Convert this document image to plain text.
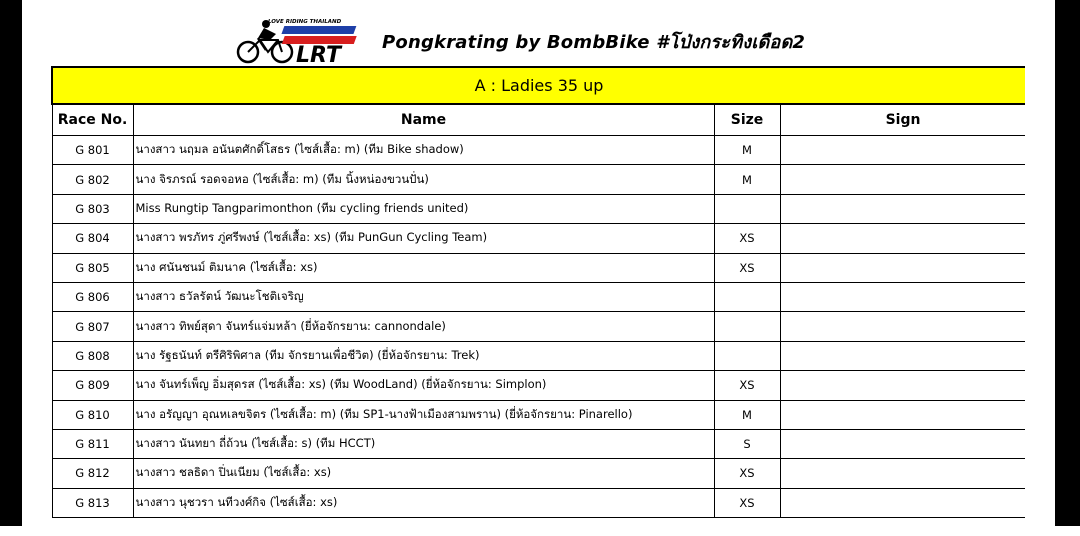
LRT
LOVE RIDING THAILAND
Pongkrating by BombBike #โป่งกระทิงเดือด2
A : Ladies 35 up			
Race No.	Name	Size	Sign
G 801	นางสาว นฤมล อนันตศักดิ์โสธร (ไซส์เสื้อ: m) (ทีม Bike shadow)	M	
G 802	นาง จิรภรณ์ รอดจอหอ (ไซส์เสื้อ: m) (ทีม นิ้งหน่องขวนปั่น)	M	
G 803	Miss Rungtip Tangparimonthon (ทีม cycling friends united)		
G 804	นางสาว พรภัทร ภู่ศรีพงษ์ (ไซส์เสื้อ: xs) (ทีม PunGun Cycling Team)	XS	
G 805	นาง ศนันชนม์ ติมนาค (ไซส์เสื้อ: xs)	XS	
G 806	นางสาว ธวัลรัตน์ วัฒนะโชติเจริญ		
G 807	นางสาว ทิพย์สุดา จันทร์แจ่มหล้า (ยี่ห้อจักรยาน: cannondale)		
G 808	นาง รัฐธนันท์ ตรีศิริพิศาล (ทีม จักรยานเพื่อชีวิต) (ยี่ห้อจักรยาน: Trek)		
G 809	นาง จันทร์เพ็ญ อิ่มสุดรส (ไซส์เสื้อ: xs) (ทีม WoodLand) (ยี่ห้อจักรยาน: Simplon)	XS	
G 810	นาง อรัญญา อุณหเลขจิตร (ไซส์เสื้อ: m) (ทีม SP1-นางฟ้าเมืองสามพราน) (ยี่ห้อจักรยาน: Pinarello)	M	
G 811	นางสาว นันทยา ถี่ถ้วน (ไซส์เสื้อ: s) (ทีม HCCT)	S	
G 812	นางสาว ชลธิดา ปิ่นเนียม (ไซส์เสื้อ: xs)	XS	
G 813	นางสาว นุชวรา นทีวงศ์กิจ (ไซส์เสื้อ: xs)	XS	
